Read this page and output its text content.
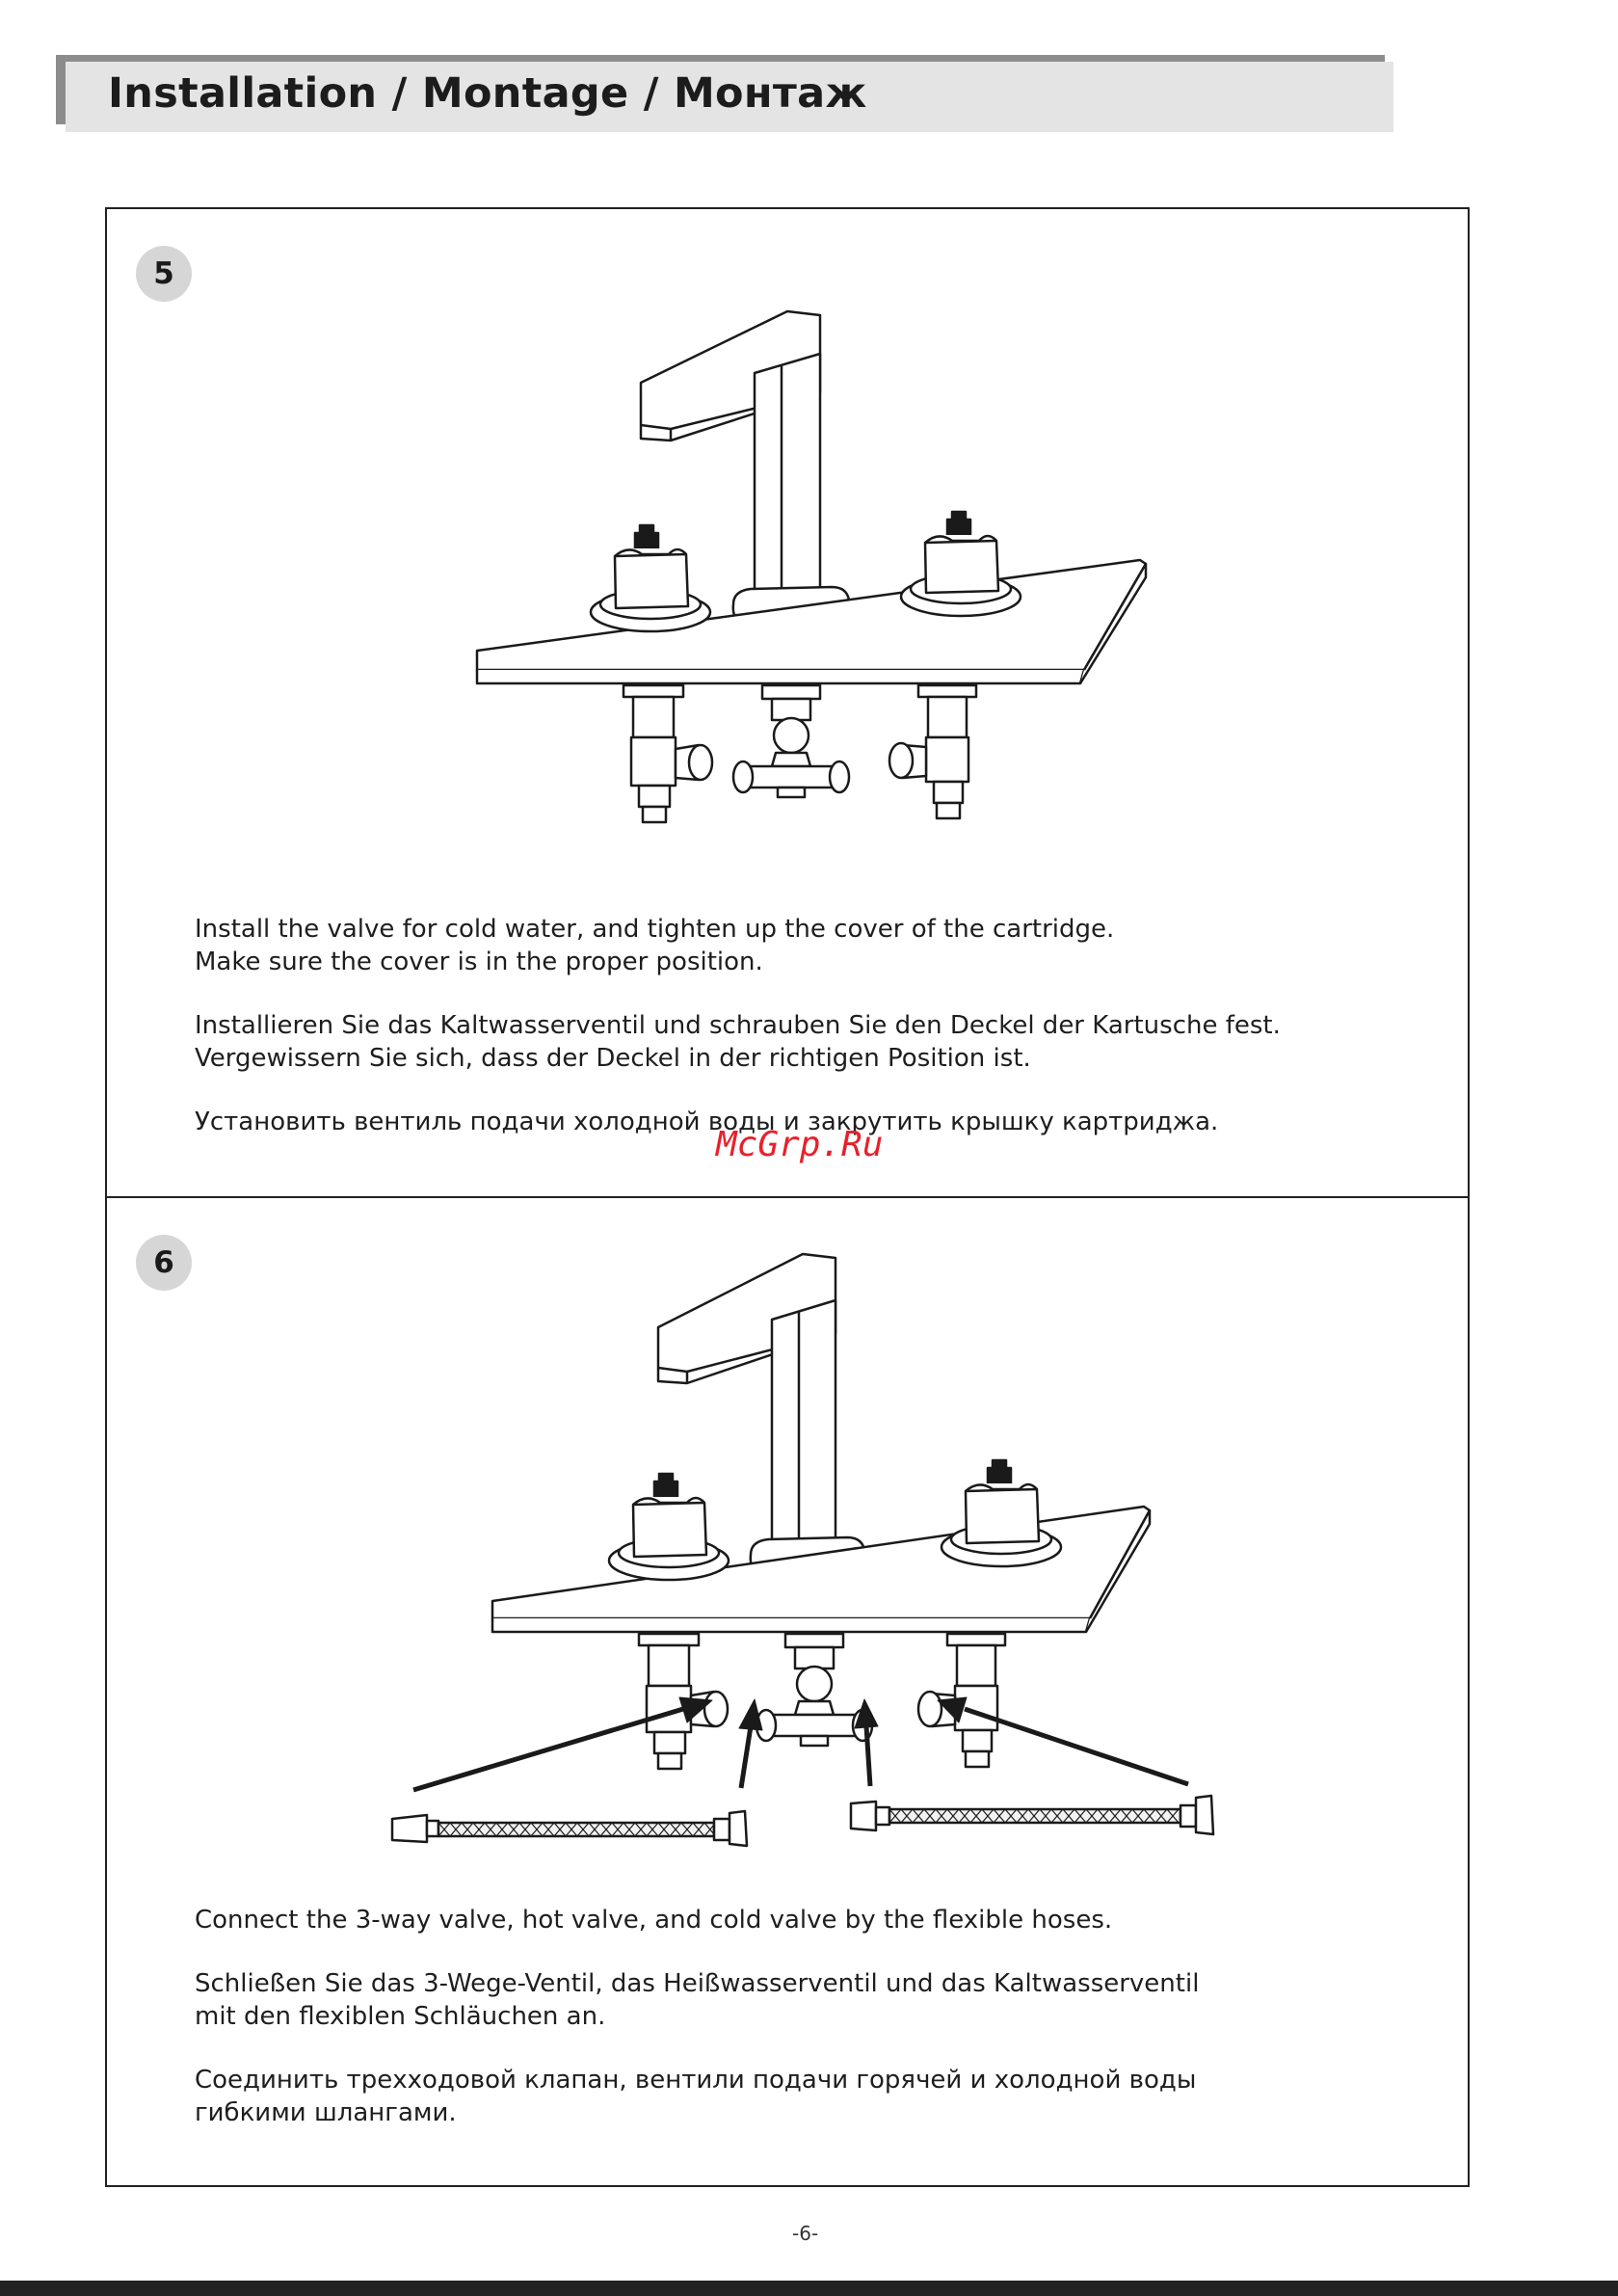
Installation / Montage / Монтаж
5

Install the valve for cold water, and tighten up the cover of the cartridge.
Make sure the cover is in the proper position.

Installieren Sie das Kaltwasserventil und schrauben Sie den Deckel der Kartusche fest.
Vergewissern Sie sich, dass der Deckel in der richtigen Position ist.

Установить вентиль подачи холодной воды и закрутить крышку картриджа.

6

Connect the 3-way valve, hot valve, and cold valve by the flexible hoses.

Schließen Sie das 3-Wege-Ventil, das Heißwasserventil und das Kaltwasserventil
mit den flexiblen Schläuchen an.

Соединить трехходовой клапан, вентили подачи горячей и холодной воды
гибкими шлангами.

McGrp.Ru
-6-
